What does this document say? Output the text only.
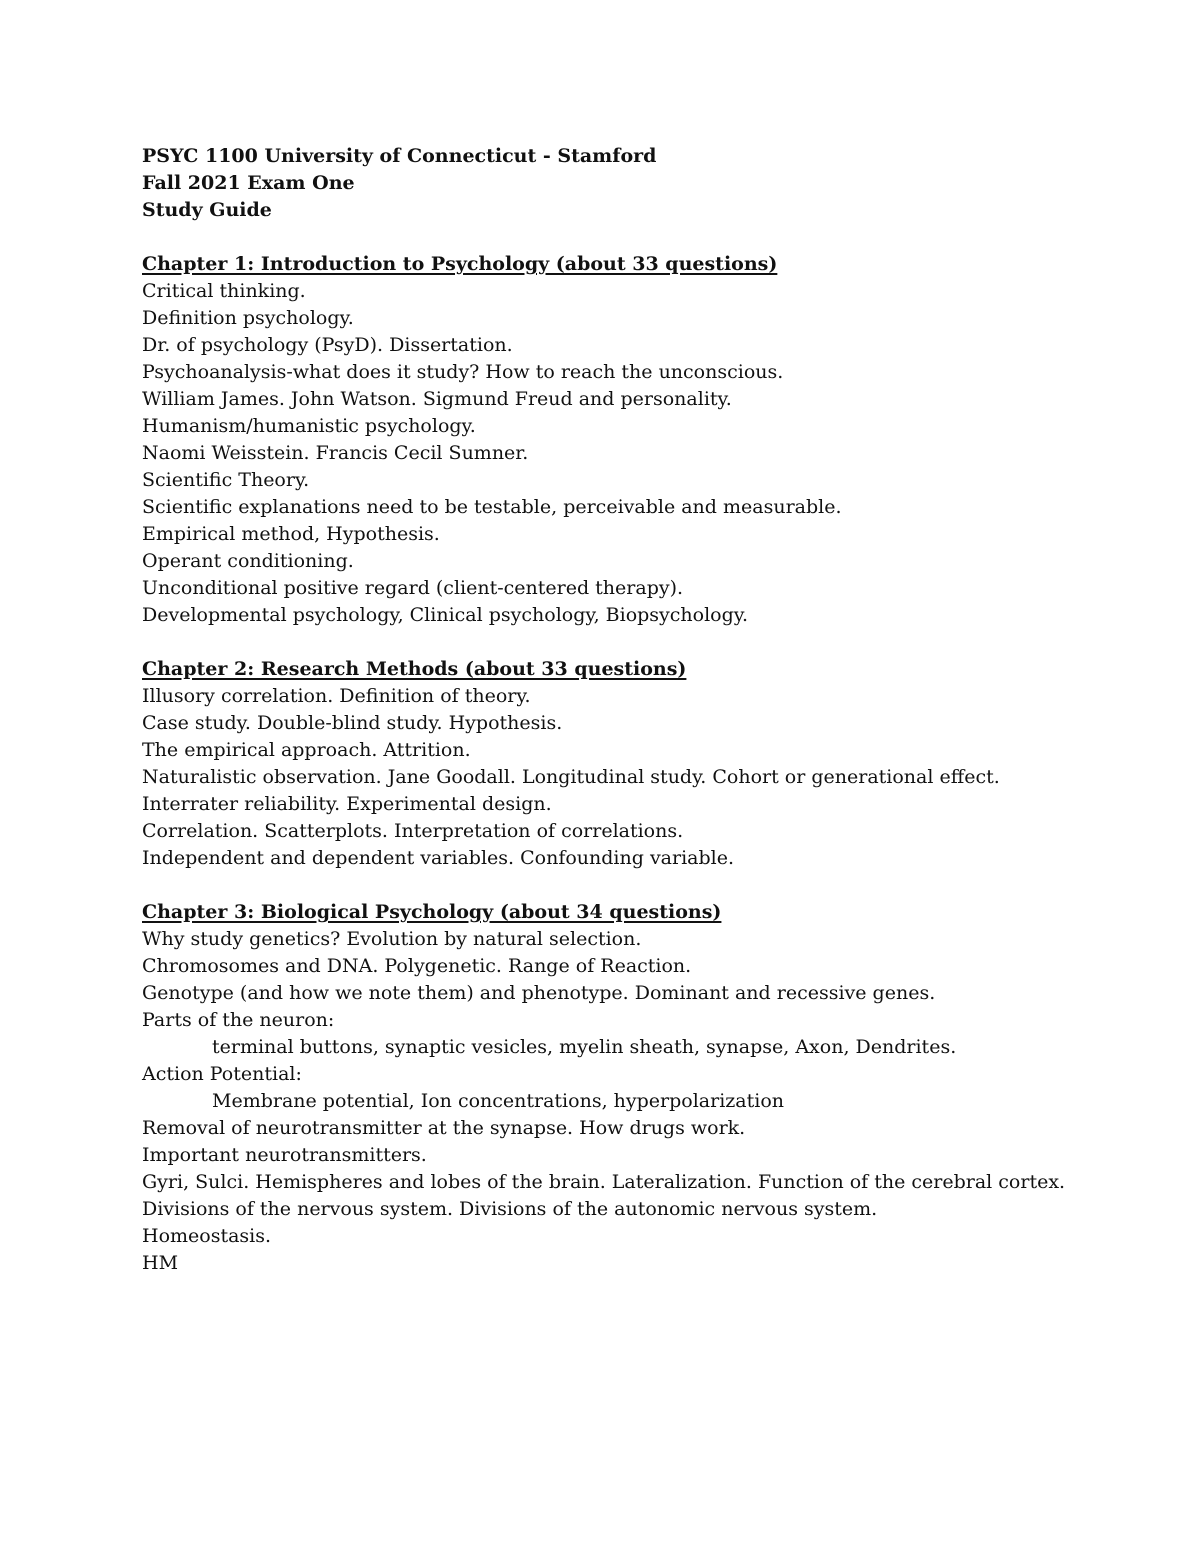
PSYC 1100 University of Connecticut - Stamford
Fall 2021 Exam One
Study Guide
Chapter 1: Introduction to Psychology (about 33 questions)
Critical thinking.
Definition psychology.
Dr. of psychology (PsyD). Dissertation.
Psychoanalysis-what does it study? How to reach the unconscious.
William James. John Watson. Sigmund Freud and personality.
Humanism/humanistic psychology.
Naomi Weisstein. Francis Cecil Sumner.
Scientific Theory.
Scientific explanations need to be testable, perceivable and measurable.
Empirical method, Hypothesis.
Operant conditioning.
Unconditional positive regard (client-centered therapy).
Developmental psychology, Clinical psychology, Biopsychology.
Chapter 2: Research Methods (about 33 questions)
Illusory correlation. Definition of theory.
Case study. Double-blind study. Hypothesis.
The empirical approach. Attrition.
Naturalistic observation. Jane Goodall. Longitudinal study. Cohort or generational effect.
Interrater reliability. Experimental design.
Correlation. Scatterplots. Interpretation of correlations.
Independent and dependent variables. Confounding variable.
Chapter 3: Biological Psychology (about 34 questions)
Why study genetics? Evolution by natural selection.
Chromosomes and DNA. Polygenetic. Range of Reaction.
Genotype (and how we note them) and phenotype. Dominant and recessive genes.
Parts of the neuron:
terminal buttons, synaptic vesicles, myelin sheath, synapse, Axon, Dendrites.
Action Potential:
Membrane potential, Ion concentrations, hyperpolarization
Removal of neurotransmitter at the synapse. How drugs work.
Important neurotransmitters.
Gyri, Sulci. Hemispheres and lobes of the brain. Lateralization. Function of the cerebral cortex.
Divisions of the nervous system. Divisions of the autonomic nervous system.
Homeostasis.
HM
